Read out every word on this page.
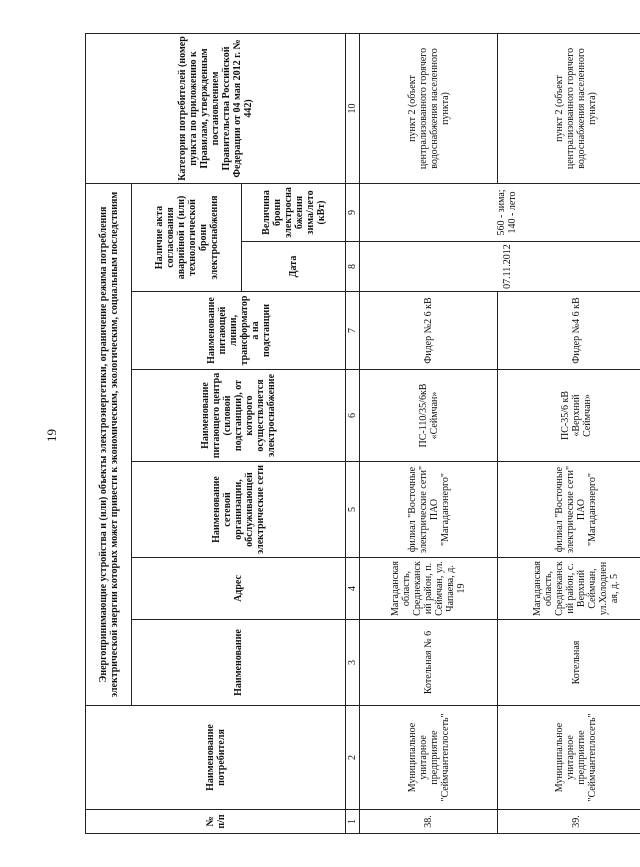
19
№ п/п	Наименование потребителя	Энергопринимающие устройства и (или) объекты электроэнергетики, ограничение режима потребления электрической энергии которых может привести к экономическим, экологическим, социальным последствиям							Категория потребителей (номер пункта по приложению к Правилам, утвержденным постановлением Правительства Российской Федерации от 04 мая 2012 г. № 442)
		Наименование	Адрес	Наименование сетевой организации, обслуживающей электрические сети	Наименование питающего центра (силовой подстанции), от которого осуществляется электроснабжение	Наименование питающей линии, трансформатора на подстанции	Наличие акта согласования аварийной и (или) технологической брони электроснабжения		
							Дата	Величина брони электроснабжения зима/лето (кВт)	
1	2	3	4	5	6	7	8	9	10
38.	Муниципальное унитарное предприятие "Сеймчантеплосеть"	Котельная № 6	Магаданская область, Среднеканский район, п. Сеймчан, ул. Чапаева, д. 19	филиал "Восточные электрические сети" ПАО "Магаданэнерго"	ПС-110/35/6кВ «Сеймчан»	Фидер №2 6 кВ	07.11.2012	560 - зима; 140 - лето	пункт 2 (объект централизованного горячего водоснабжения населенного пункта)
39.	Муниципальное унитарное предприятие "Сеймчантеплосеть"	Котельная	Магаданская область, Среднеканский район, с. Верхний Сеймчан, ул.Холодненая, д. 5	филиал "Восточные электрические сети" ПАО "Магаданэнерго"	ПС-35/6 кВ «Верхний Сеймчан»	Фидер №4 6 кВ			пункт 2 (объект централизованного горячего водоснабжения населенного пункта)
